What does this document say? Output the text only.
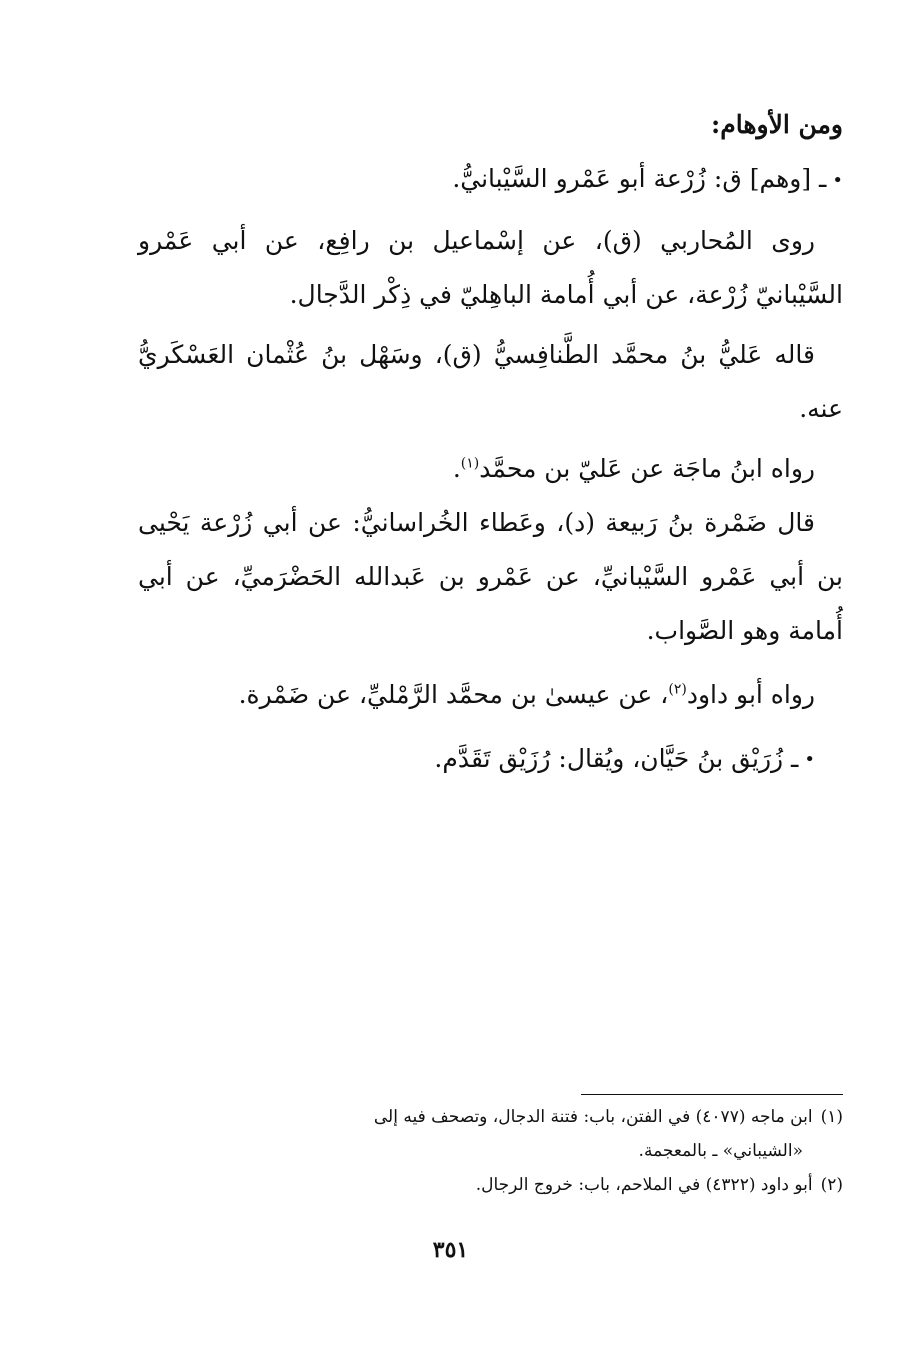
ومن الأوهام:

•ـ [وهم] ق: زُرْعة أبو عَمْرو السَّيْبانيُّ.

روى المُحاربي (ق)، عن إسْماعيل بن رافِع، عن أبي عَمْرو السَّيْبانيّ زُرْعة، عن أبي أُمامة الباهِليّ في ذِكْر الدَّجال.

قاله عَليُّ بنُ محمَّد الطَّنافِسيُّ (ق)، وسَهْل بنُ عُثْمان العَسْكَريُّ عنه.

رواه ابنُ ماجَة عن عَليّ بن محمَّد$^{(١)}$.

قال ضَمْرة بنُ رَبيعة (د)، وعَطاء الخُراسانيُّ: عن أبي زُرْعة يَحْيى بن أبي عَمْرو السَّيْبانيِّ، عن عَمْرو بن عَبدالله الحَضْرَميِّ، عن أبي أُمامة وهو الصَّواب.

رواه أبو داود$^{(٢)}$، عن عيسىٰ بن محمَّد الرَّمْليِّ، عن ضَمْرة.

•ـ زُرَيْق بنُ حَيَّان، ويُقال: رُزَيْق تَقَدَّم.

(١)ابن ماجه (٤٠٧٧) في الفتن، باب: فتنة الدجال، وتصحف فيه إلى

«الشيباني» ـ بالمعجمة.

(٢)أبو داود (٤٣٢٢) في الملاحم، باب: خروج الرجال.

٣٥١
